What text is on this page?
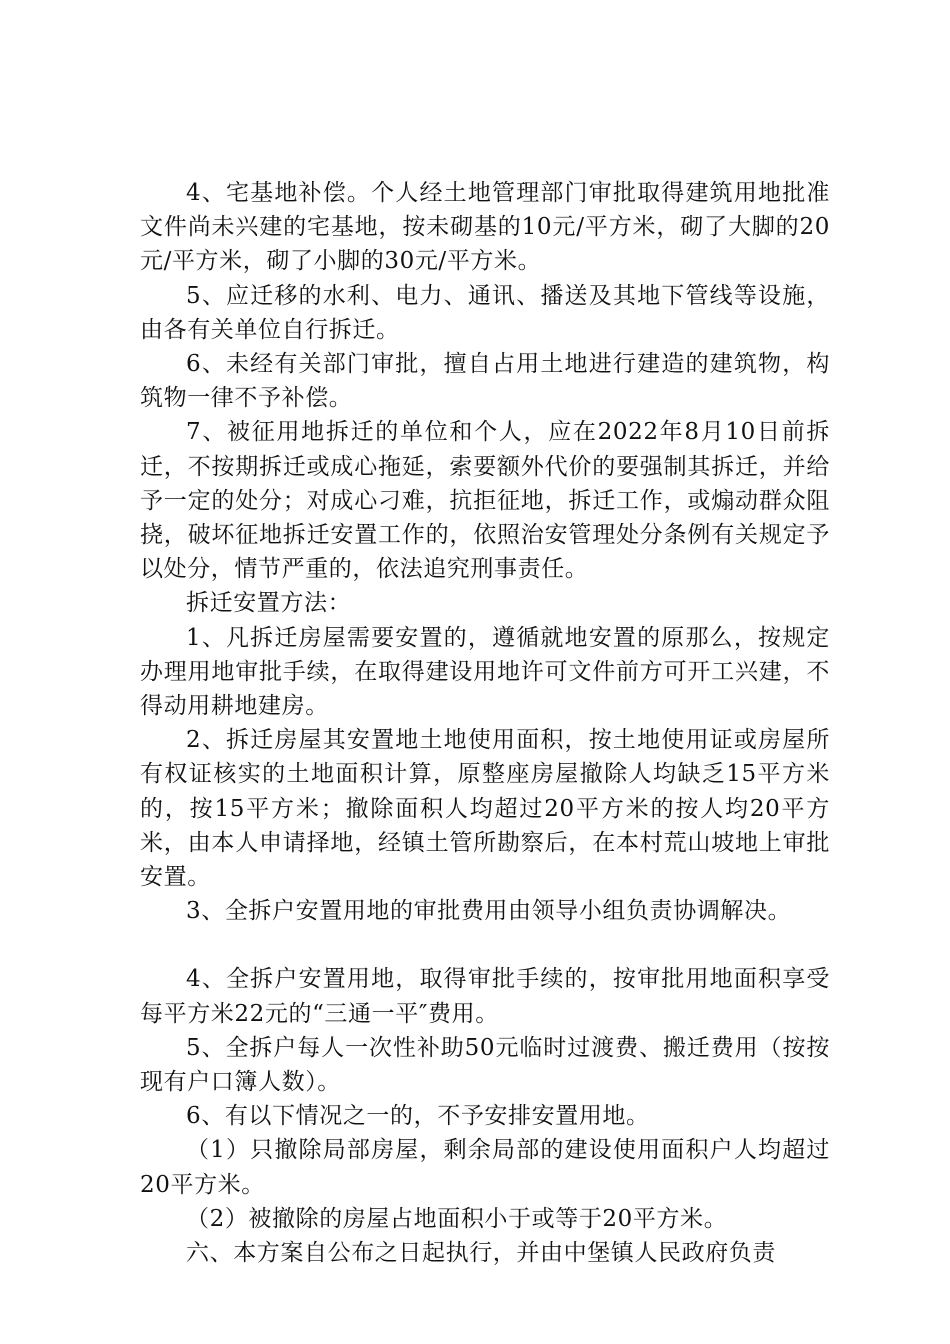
4、宅基地补偿。个人经土地管理部门审批取得建筑用地批准文件尚未兴建的宅基地，按未砌基的10元/平方米，砌了大脚的20元/平方米，砌了小脚的30元/平方米。

5、应迁移的水利、电力、通讯、播送及其地下管线等设施，由各有关单位自行拆迁。

6、未经有关部门审批，擅自占用土地进行建造的建筑物，构筑物一律不予补偿。

7、被征用地拆迁的单位和个人，应在2022年8月10日前拆迁，不按期拆迁或成心拖延，索要额外代价的要强制其拆迁，并给予一定的处分；对成心刁难，抗拒征地，拆迁工作，或煽动群众阻挠，破坏征地拆迁安置工作的，依照治安管理处分条例有关规定予以处分，情节严重的，依法追究刑事责任。

拆迁安置方法：

1、凡拆迁房屋需要安置的，遵循就地安置的原那么，按规定办理用地审批手续，在取得建设用地许可文件前方可开工兴建，不得动用耕地建房。

2、拆迁房屋其安置地土地使用面积，按土地使用证或房屋所有权证核实的土地面积计算，原整座房屋撤除人均缺乏15平方米的，按15平方米；撤除面积人均超过20平方米的按人均20平方米，由本人申请择地，经镇土管所勘察后，在本村荒山坡地上审批安置。

3、全拆户安置用地的审批费用由领导小组负责协调解决。

4、全拆户安置用地，取得审批手续的，按审批用地面积享受每平方米22元的“三通一平″费用。

5、全拆户每人一次性补助50元临时过渡费、搬迁费用（按按现有户口簿人数）。

6、有以下情况之一的，不予安排安置用地。

（1）只撤除局部房屋，剩余局部的建设使用面积户人均超过20平方米。

（2）被撤除的房屋占地面积小于或等于20平方米。

六、本方案自公布之日起执行，并由中堡镇人民政府负责
